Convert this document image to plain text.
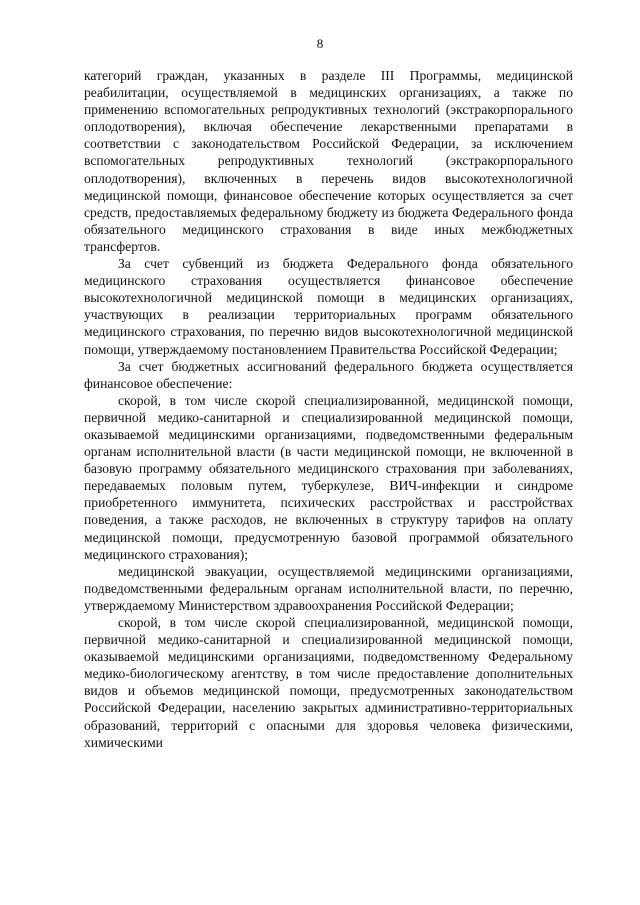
8

категорий граждан, указанных в разделе III Программы, медицинской реабилитации, осуществляемой в медицинских организациях, а также по применению вспомогательных репродуктивных технологий (экстракорпорального оплодотворения), включая обеспечение лекарственными препаратами в соответствии с законодательством Российской Федерации, за исключением вспомогательных репродуктивных технологий (экстракорпорального оплодотворения), включенных в перечень видов высокотехнологичной медицинской помощи, финансовое обеспечение которых осуществляется за счет средств, предоставляемых федеральному бюджету из бюджета Федерального фонда обязательного медицинского страхования в виде иных межбюджетных трансфертов.

За счет субвенций из бюджета Федерального фонда обязательного медицинского страхования осуществляется финансовое обеспечение высокотехнологичной медицинской помощи в медицинских организациях, участвующих в реализации территориальных программ обязательного медицинского страхования, по перечню видов высокотехнологичной медицинской помощи, утверждаемому постановлением Правительства Российской Федерации;

За счет бюджетных ассигнований федерального бюджета осуществляется финансовое обеспечение:

скорой, в том числе скорой специализированной, медицинской помощи, первичной медико-санитарной и специализированной медицинской помощи, оказываемой медицинскими организациями, подведомственными федеральным органам исполнительной власти (в части медицинской помощи, не включенной в базовую программу обязательного медицинского страхования при заболеваниях, передаваемых половым путем, туберкулезе, ВИЧ-инфекции и синдроме приобретенного иммунитета, психических расстройствах и расстройствах поведения, а также расходов, не включенных в структуру тарифов на оплату медицинской помощи, предусмотренную базовой программой обязательного медицинского страхования);

медицинской эвакуации, осуществляемой медицинскими организациями, подведомственными федеральным органам исполнительной власти, по перечню, утверждаемому Министерством здравоохранения Российской Федерации;

скорой, в том числе скорой специализированной, медицинской помощи, первичной медико-санитарной и специализированной медицинской помощи, оказываемой медицинскими организациями, подведомственному Федеральному медико-биологическому агентству, в том числе предоставление дополнительных видов и объемов медицинской помощи, предусмотренных законодательством Российской Федерации, населению закрытых административно-территориальных образований, территорий с опасными для здоровья человека физическими, химическими
